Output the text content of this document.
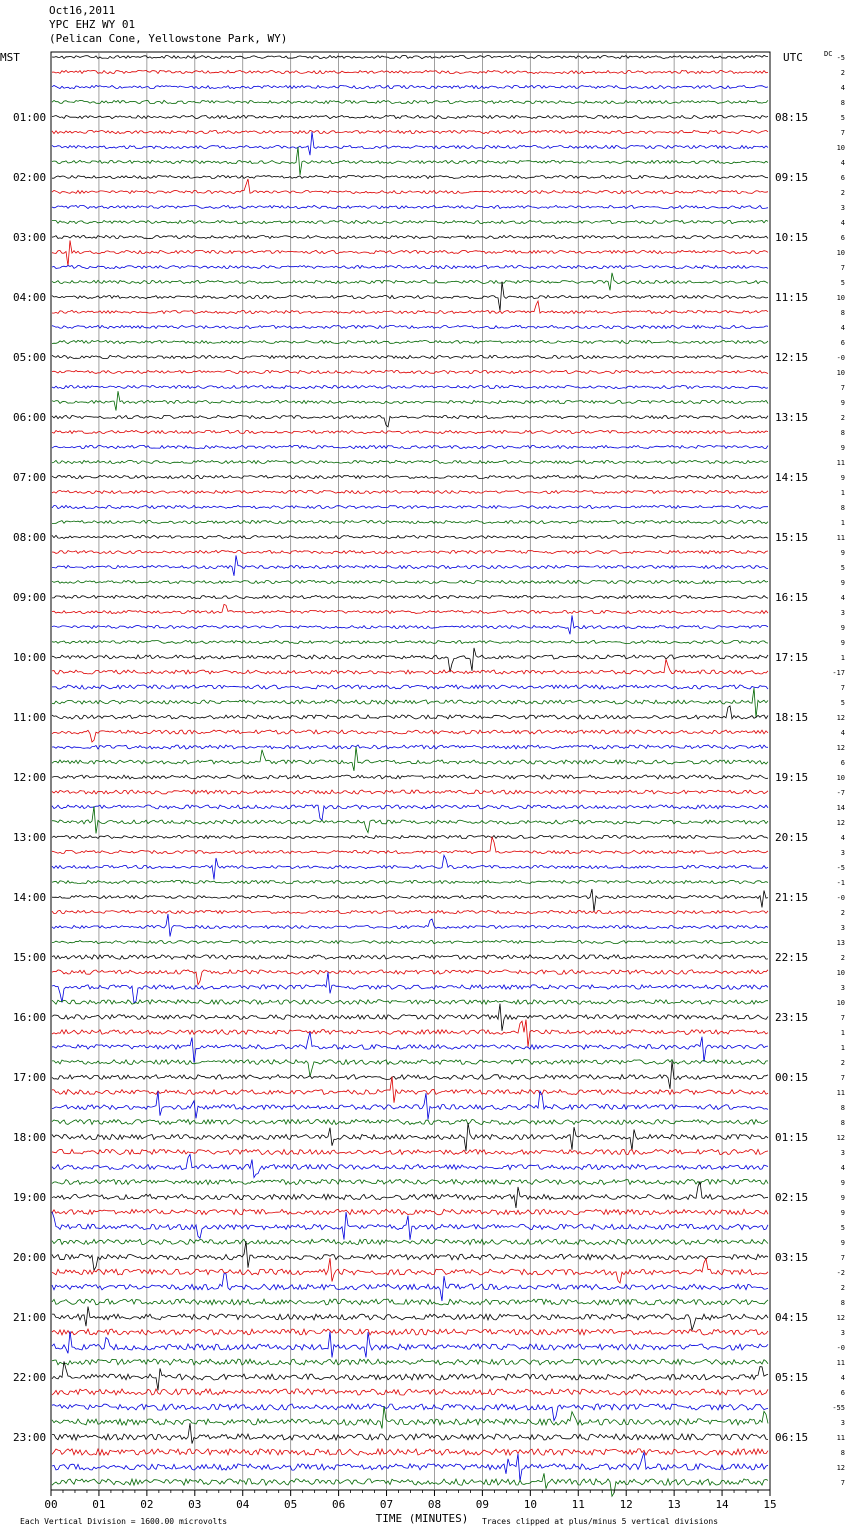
Oct16,2011
YPC EHZ WY 01
(Pelican Cone, Yellowstone Park, WY)
MST	UTC	DC
01:00	08:15
02:00	09:15
03:00	10:15
04:00	11:15
05:00	12:15
06:00	13:15
07:00	14:15
08:00	15:15
09:00	16:15
10:00	17:15
11:00	18:15
12:00	19:15
13:00	20:15
14:00	21:15
15:00	22:15
16:00	23:15
17:00	00:15
18:00	01:15
19:00	02:15
20:00	03:15
21:00	04:15
22:00	05:15
23:00	06:15
-5
2
4
8
5
7
10
4
6
2
3
4
6
10
7
5
10
8
4
6
-0
10
7
9
2
8
9
11
9
1
8
1
11
9
5
9
4
3
9
9
1
-17
7
5
12
4
12
6
10
-7
14
12
4
3
-5
-1
-0
2
3
13
2
10
3
10
7
1
1
2
7
11
8
8
12
3
4
9
9
9
5
9
7
-2
2
8
12
3
-0
11
4
6
-55
3
11
8
12
7
00	01	02	03	04	05	06	07	08	09	10	11	12	13	14	15
Each Vertical Division = 1600.00 microvolts	TIME (MINUTES) Traces clipped at plus/minus 5 vertical divisions
